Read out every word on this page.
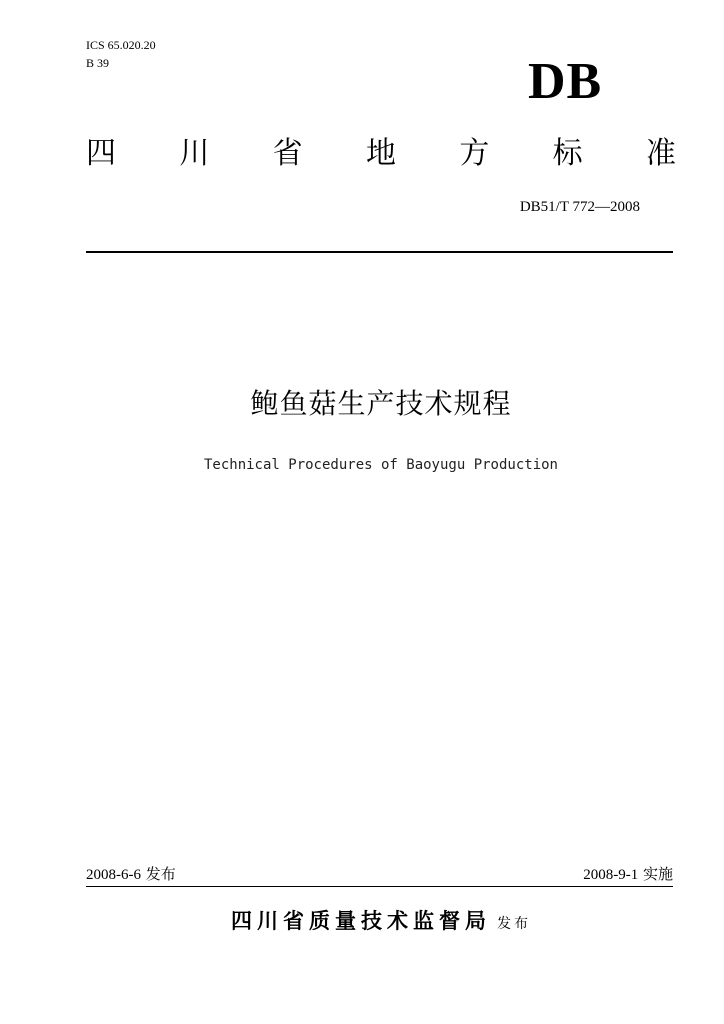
ICS 65.020.20
B 39	DB
四 川 省 地 方 标 准
DB51/T 772—2008
鲍鱼菇生产技术规程
Technical Procedures of Baoyugu Production
2008-6-6 发布	2008-9-1 实施
四川省质量技术监督局 发布
